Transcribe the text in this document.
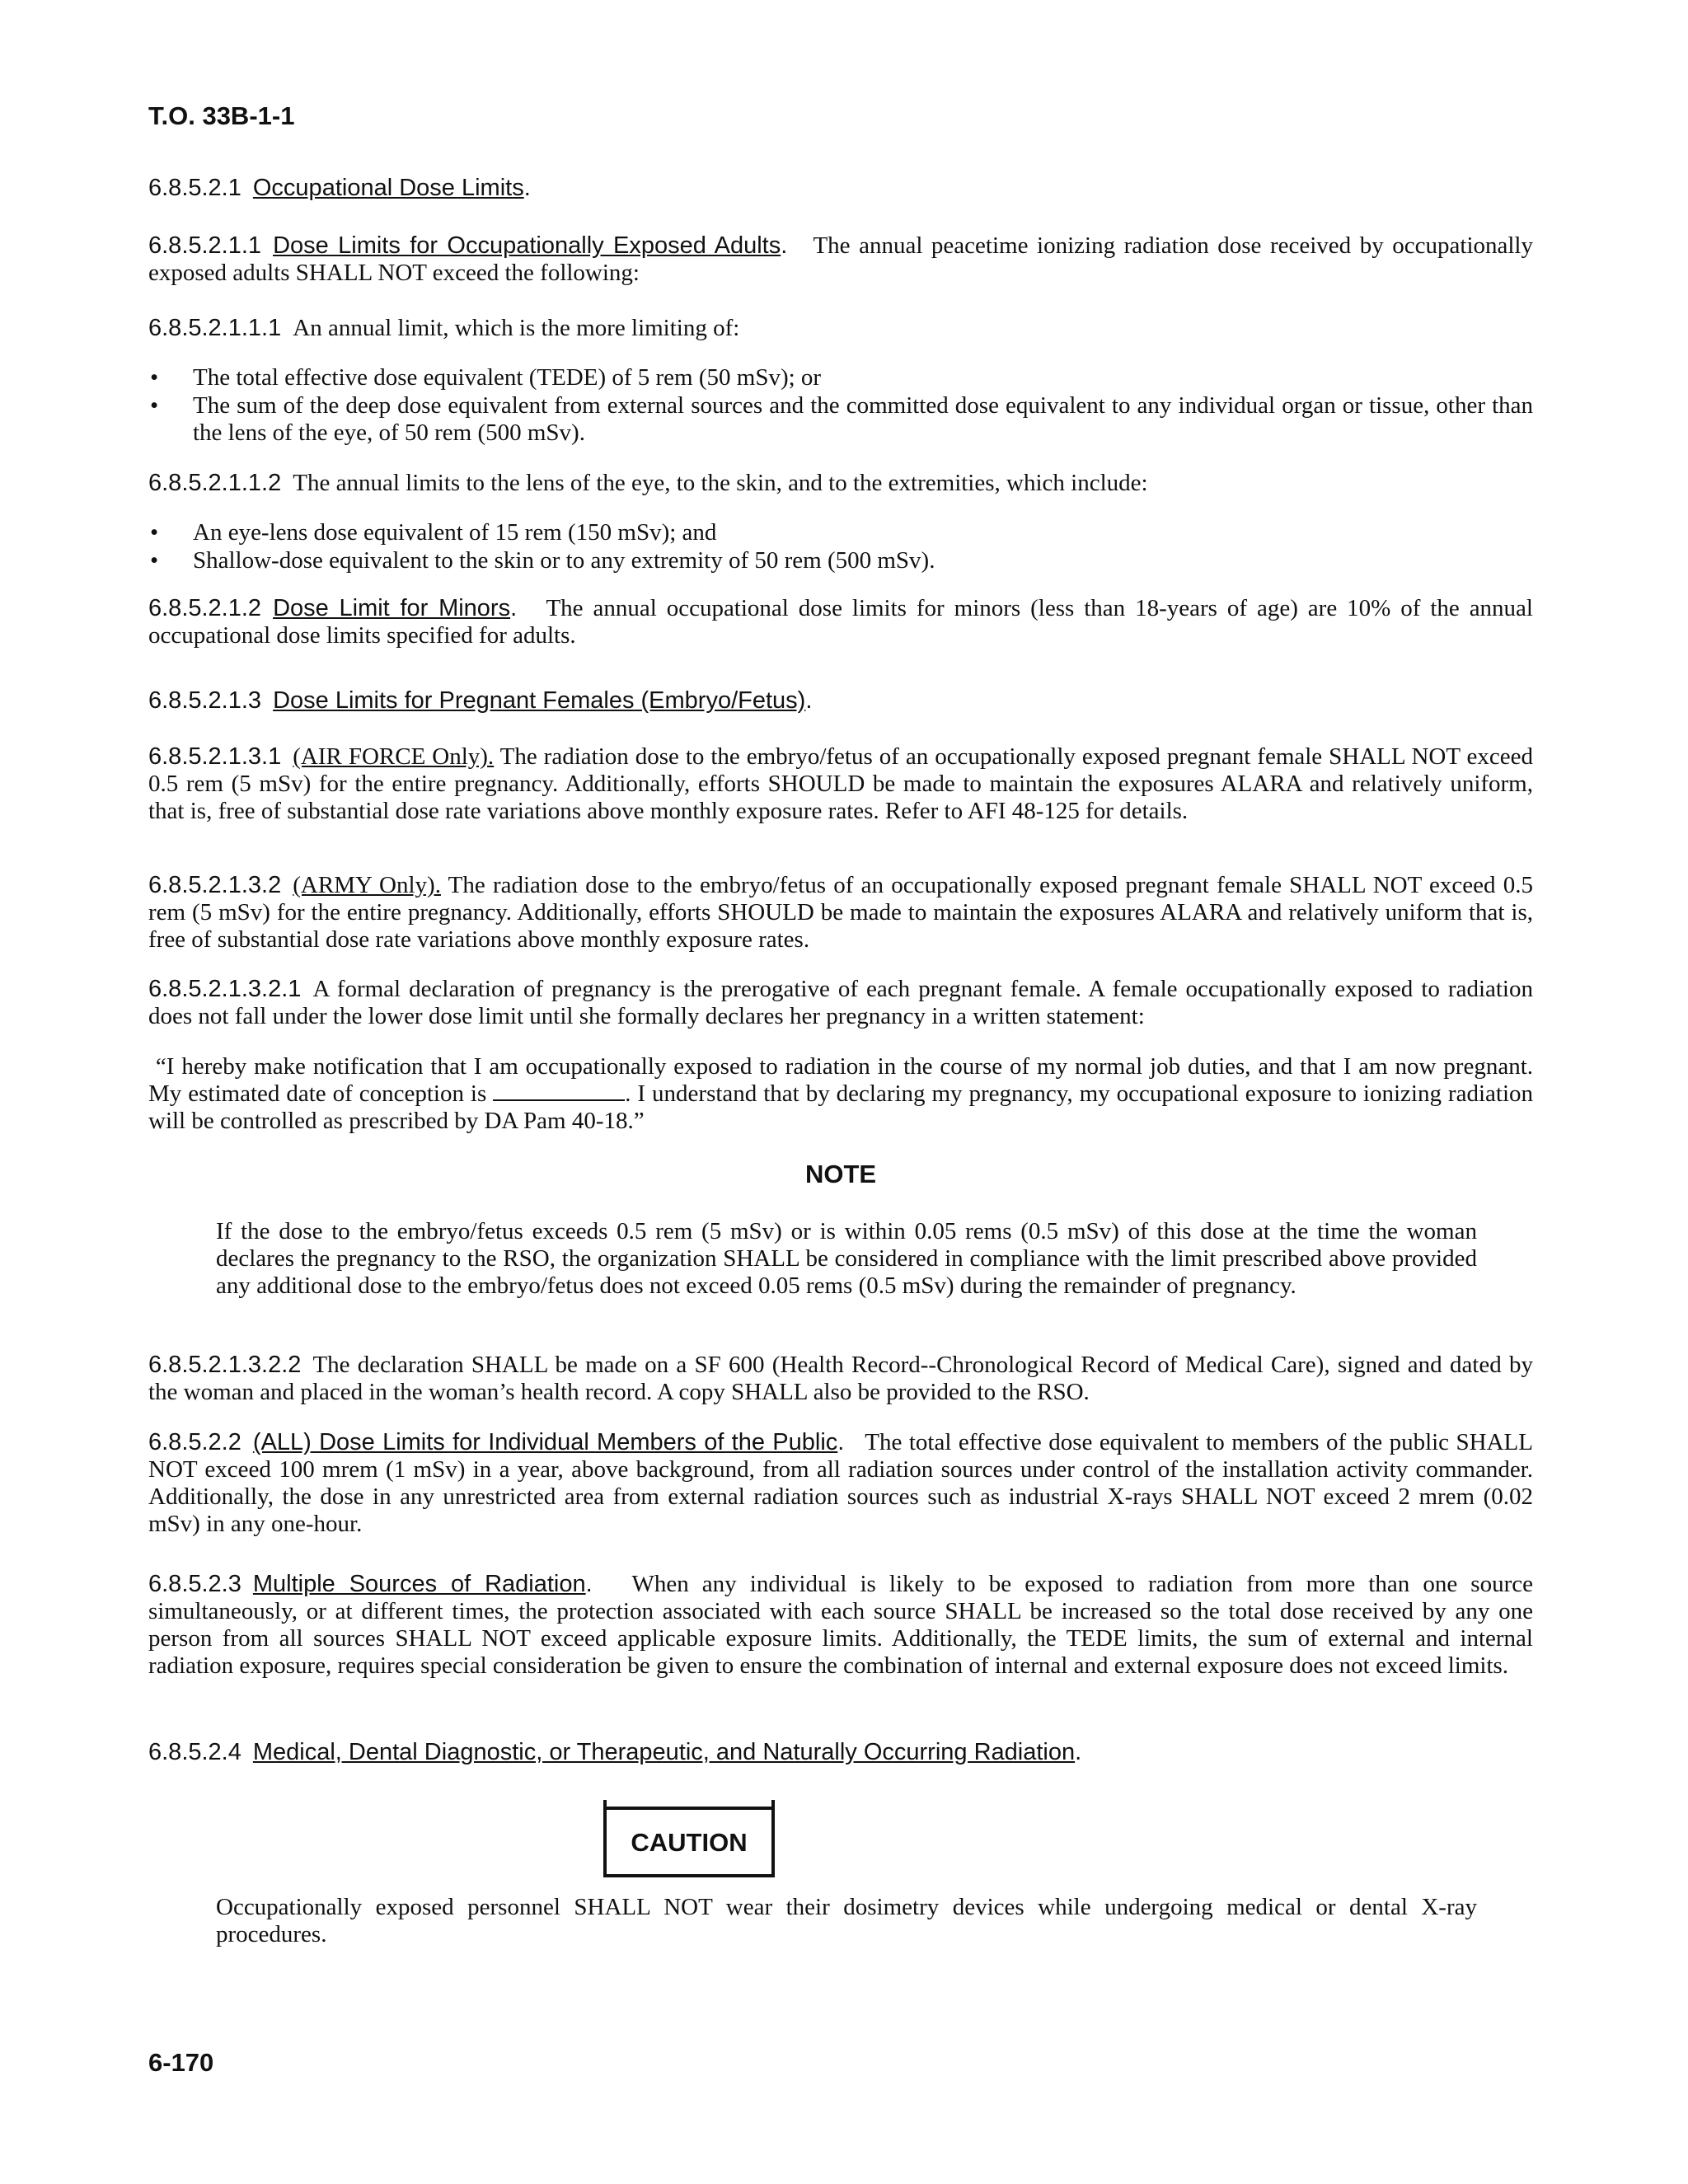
T.O. 33B-1-1
6.8.5.2.1 Occupational Dose Limits.
6.8.5.2.1.1 Dose Limits for Occupationally Exposed Adults. The annual peacetime ionizing radiation dose received by occupationally exposed adults SHALL NOT exceed the following:
6.8.5.2.1.1.1 An annual limit, which is the more limiting of:
• The total effective dose equivalent (TEDE) of 5 rem (50 mSv); or
• The sum of the deep dose equivalent from external sources and the committed dose equivalent to any individual organ or tissue, other than the lens of the eye, of 50 rem (500 mSv).
6.8.5.2.1.1.2 The annual limits to the lens of the eye, to the skin, and to the extremities, which include:
• An eye-lens dose equivalent of 15 rem (150 mSv); and
• Shallow-dose equivalent to the skin or to any extremity of 50 rem (500 mSv).
6.8.5.2.1.2 Dose Limit for Minors. The annual occupational dose limits for minors (less than 18-years of age) are 10% of the annual occupational dose limits specified for adults.
6.8.5.2.1.3 Dose Limits for Pregnant Females (Embryo/Fetus).
6.8.5.2.1.3.1 (AIR FORCE Only). The radiation dose to the embryo/fetus of an occupationally exposed pregnant female SHALL NOT exceed 0.5 rem (5 mSv) for the entire pregnancy. Additionally, efforts SHOULD be made to maintain the exposures ALARA and relatively uniform, that is, free of substantial dose rate variations above monthly exposure rates. Refer to AFI 48-125 for details.
6.8.5.2.1.3.2 (ARMY Only). The radiation dose to the embryo/fetus of an occupationally exposed pregnant female SHALL NOT exceed 0.5 rem (5 mSv) for the entire pregnancy. Additionally, efforts SHOULD be made to maintain the exposures ALARA and relatively uniform that is, free of substantial dose rate variations above monthly exposure rates.
6.8.5.2.1.3.2.1 A formal declaration of pregnancy is the prerogative of each pregnant female. A female occupationally exposed to radiation does not fall under the lower dose limit until she formally declares her pregnancy in a written statement:
“I hereby make notification that I am occupationally exposed to radiation in the course of my normal job duties, and that I am now pregnant. My estimated date of conception is	. I understand that by declaring my pregnancy, my occupational exposure to ionizing radiation will be controlled as prescribed by DA Pam 40-18.”
NOTE
If the dose to the embryo/fetus exceeds 0.5 rem (5 mSv) or is within 0.05 rems (0.5 mSv) of this dose at the time the woman declares the pregnancy to the RSO, the organization SHALL be considered in compliance with the limit prescribed above provided any additional dose to the embryo/fetus does not exceed 0.05 rems (0.5 mSv) during the remainder of pregnancy.
6.8.5.2.1.3.2.2 The declaration SHALL be made on a SF 600 (Health Record--Chronological Record of Medical Care), signed and dated by the woman and placed in the woman’s health record. A copy SHALL also be provided to the RSO.
6.8.5.2.2 (ALL) Dose Limits for Individual Members of the Public. The total effective dose equivalent to members of the public SHALL NOT exceed 100 mrem (1 mSv) in a year, above background, from all radiation sources under control of the installation activity commander. Additionally, the dose in any unrestricted area from external radiation sources such as industrial X-rays SHALL NOT exceed 2 mrem (0.02 mSv) in any one-hour.
6.8.5.2.3 Multiple Sources of Radiation. When any individual is likely to be exposed to radiation from more than one source simultaneously, or at different times, the protection associated with each source SHALL be increased so the total dose received by any one person from all sources SHALL NOT exceed applicable exposure limits. Additionally, the TEDE limits, the sum of external and internal radiation exposure, requires special consideration be given to ensure the combination of internal and external exposure does not exceed limits.
6.8.5.2.4 Medical, Dental Diagnostic, or Therapeutic, and Naturally Occurring Radiation.
CAUTION
Occupationally exposed personnel SHALL NOT wear their dosimetry devices while undergoing medical or dental X-ray procedures.
6-170
